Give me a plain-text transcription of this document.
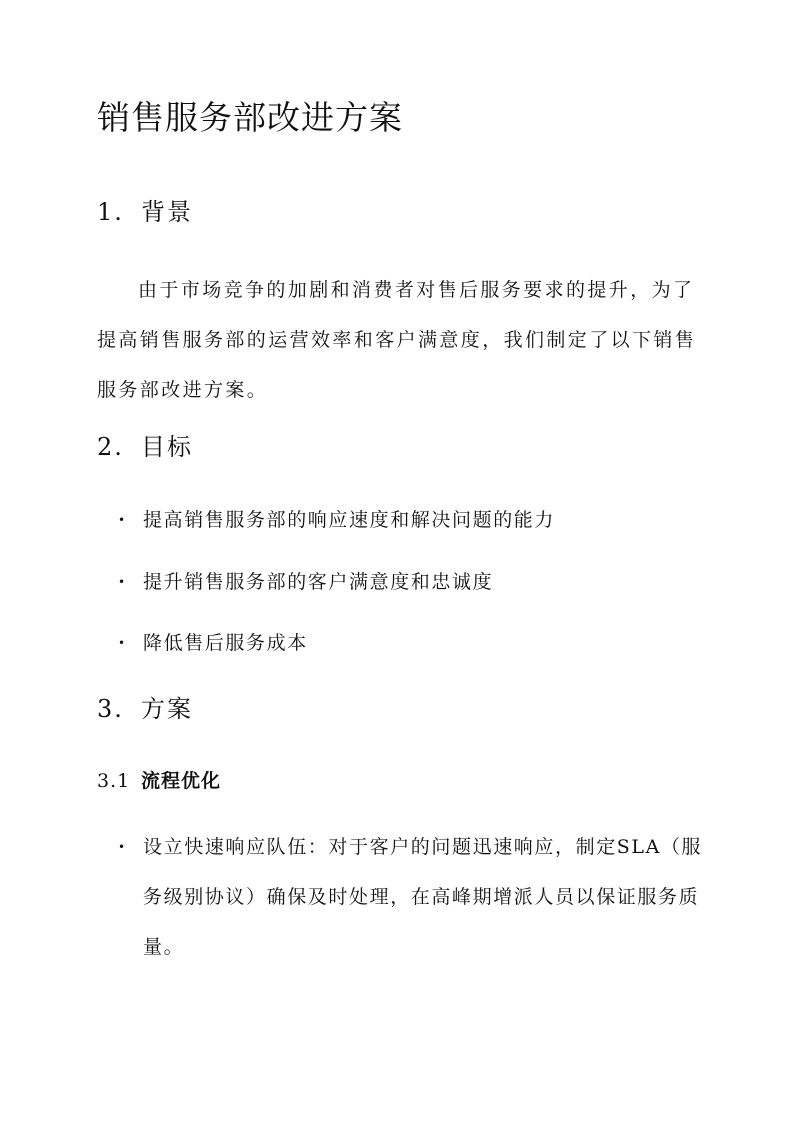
销售服务部改进方案
1. 背景

由于市场竞争的加剧和消费者对售后服务要求的提升，为了提高销售服务部的运营效率和客户满意度，我们制定了以下销售服务部改进方案。

2. 目标
• 提高销售服务部的响应速度和解决问题的能力
• 提升销售服务部的客户满意度和忠诚度
• 降低售后服务成本
3. 方案
3.1 流程优化
• 设立快速响应队伍：对于客户的问题迅速响应，制定SLA（服务级别协议）确保及时处理，在高峰期增派人员以保证服务质量。
